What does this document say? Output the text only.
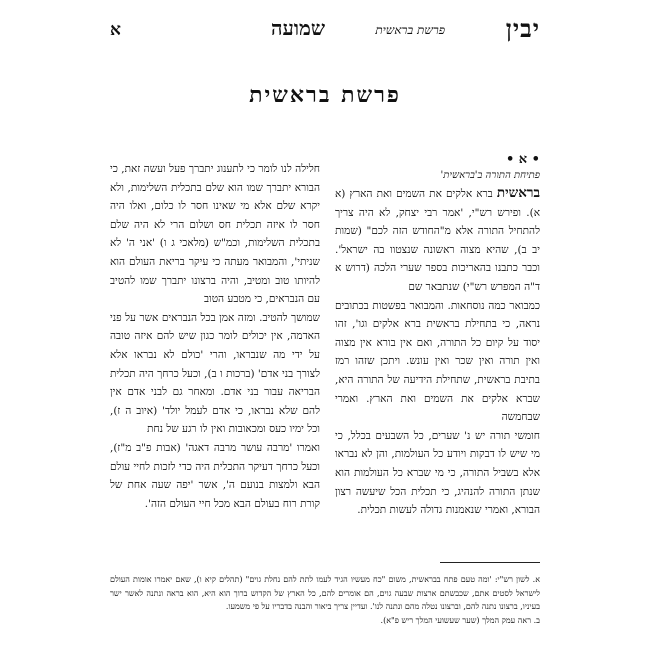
יבין
פרשת בראשית
שמועה
א
פרשת בראשית
• א •
פתיחת התורה ב'בראשית'

בראשית ברא אלקים את השמים ואת הארץ (א א). ופירש רש"י, 'אמר רבי יצחק, לא היה צריך להתחיל התורה אלא מ"החודש הזה לכם" (שמות יב ב), שהיא מצוה ראשונה שנצטוו בה ישראל'. וכבר כתבנו בהאריכות בספר שערי הלכה (דרוש א ד"ה המפרש רש"י) שנתבאר שם

כמבואר כמה נוסחאות. והמבואר בפשטות בכתובים נראה, כי בתחילת בראשית ברא אלקים וגו', זהו יסוד על קיום כל התורה, ואם אין בורא אין מצוה ואין תורה ואין שכר ואין עונש. ויתכן שזהו רמז בתיבת בראשית, שתחילת הידיעה של התורה היא, שברא אלקים את השמים ואת הארץ. ואמרי שבחמשה

חומשי תורה יש נ' שערים, כל השבעים בכלל, כי מי שיש לו דבקות ויודע כל העולמות, והן לא נבראו אלא בשביל התורה, כי מי שברא כל העולמות הוא שנתן התורה להנהיג, כי תכלית הכל שיעשה רצון הבורא, ואמרי שנאמנות גדולה לעשות תכלית.

חלילה לנו לומר כי לתענוג יתברך פעל ועשה זאת, כי הבורא יתברך שמו הוא שלם בתכלית השלימות, ולא יקרא שלם אלא מי שאינו חסר לו כלום, ואלו היה חסר לו איזה תכלית חס ושלום הרי לא היה שלם בתכלית השלימות, וכמ"ש (מלאכי ג ו) 'אני ה' לא שניתי', והמבואר מעתה כי עיקר בריאת העולם הוא להיותו טוב ומטיב, והיה ברצונו יתברך שמו להטיב עם הנבראים, כי מטבע הטוב

שמושך להטיב. ומזה אמן בכל הנבראים אשר על פני האדמה, אין יכולים לומר כגון שיש להם איזה טובה על ידי מה שנבראו, והרי 'כולם לא נבראו אלא לצורך בני אדם' (ברכות ו ב), וכעל כרחך היה תכלית הבריאה עבור בני אדם. ומאחר גם לבני אדם אין להם שלא נבראו, כי אדם לעמל יולד' (איוב ה ז), וכל ימיו כעס ומכאובות ואין לו רגע של נחת

ואמרו 'מרבה עושר מרבה דאגה' (אבות פ"ב מ"ז), וכעל כרחך דעיקר התכלית היה כדי לזכות לחיי עולם הבא ולמצות בנועם ה', אשר 'יפה שעה אחת של קורת רוח בעולם הבא מכל חיי העולם הזה'.

א. לשון רש"י: 'ומה טעם פתח בבראשית, משום "כח מעשיו הגיד לעמו לתת להם נחלת גוים" (תהלים קיא ו), שאם יאמרו אומות העולם לישראל לסטים אתם, שכבשתם ארצות שבעה גוים, הם אומרים להם, כל הארץ של הקדוש ברוך הוא היא, הוא בראה ונתנה לאשר ישר בעיניו, ברצונו נתנה להם, וברצונו נטלה מהם ונתנה לנו'. ועדיין צריך ביאור והבנה בדבריו על פי משמעו.

ב. ראה עמק המלך (שער שעשועי המלך ריש פ"א).
